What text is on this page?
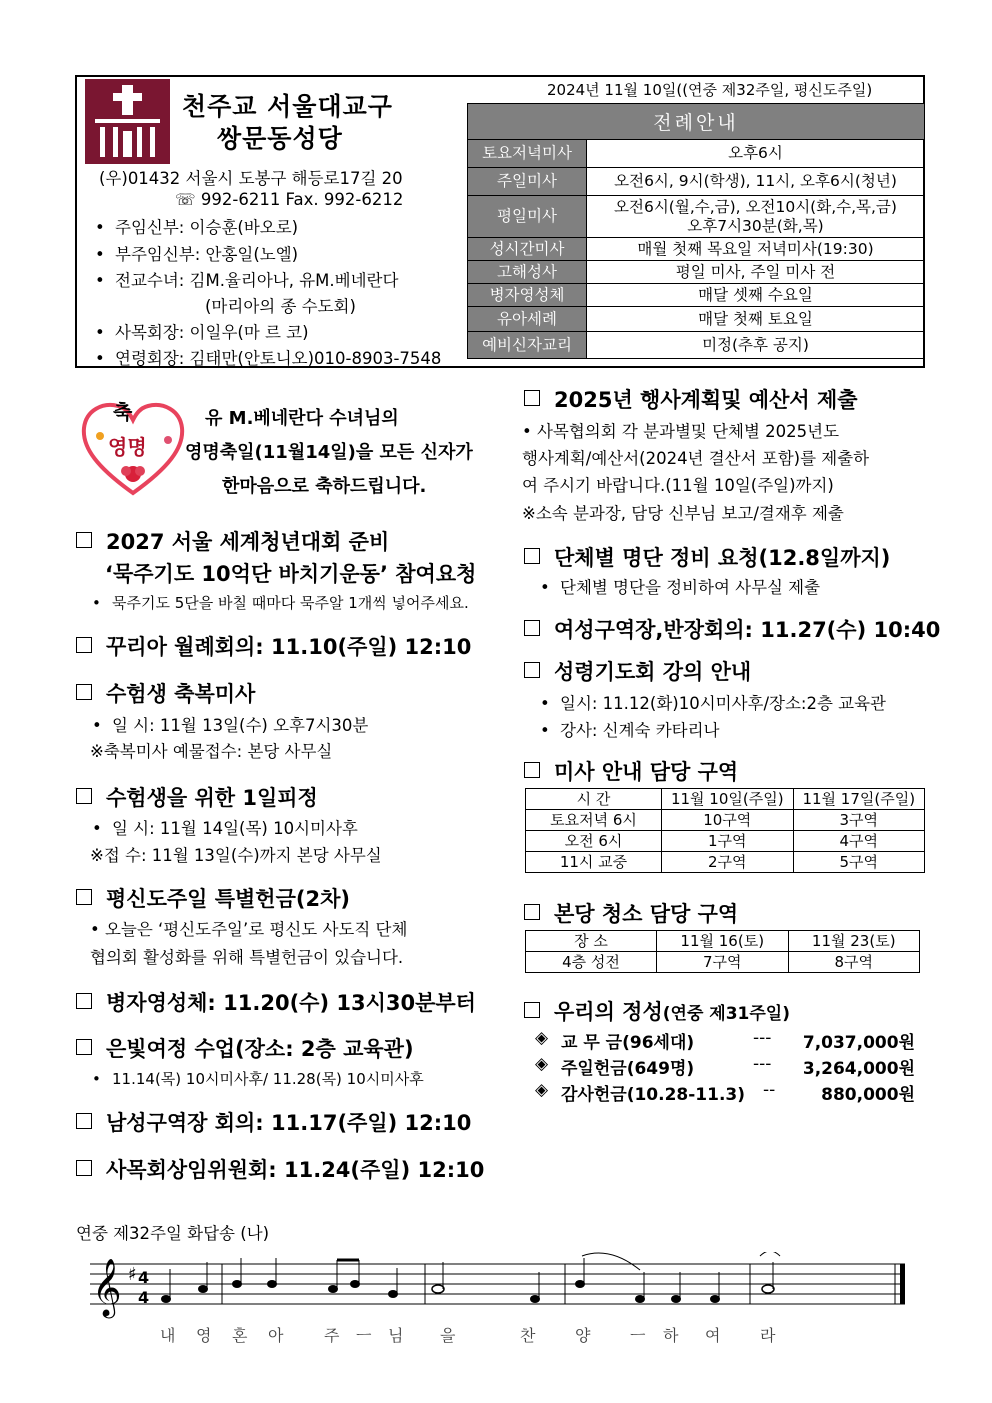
천주교 서울대교구
쌍문동성당
(우)01432 서울시 도봉구 해등로17길 20
☏ 992-6211 Fax. 992-6212
• 주임신부: 이승훈(바오로)
• 부주임신부: 안홍일(노엘)
• 전교수녀: 김M.율리아나, 유M.베네란다
(마리아의 종 수도회)
• 사목회장: 이일우(마 르 코)
• 연령회장: 김태만(안토니오)010-8903-7548
2024년 11월 10일((연중 제32주일, 평신도주일)
전례안내	
토요저녁미사	오후6시
주일미사	오전6시, 9시(학생), 11시, 오후6시(청년)
평일미사	오전6시(월,수,금), 오전10시(화,수,목,금)
오후7시30분(화,목)

성시간미사	매월 첫째 목요일 저녁미사(19:30)
고해성사	평일 미사, 주일 미사 전
병자영성체	매달 셋째 수요일
유아세례	매달 첫째 토요일
예비신자교리	미정(추후 공지)
축
영명
유 M.베네란다 수녀님의
영명축일(11월14일)을 모든 신자가
한마음으로 축하드립니다.
2027 서울 세계청년대회 준비
‘묵주기도 10억단 바치기운동’ 참여요청
• 묵주기도 5단을 바칠 때마다 묵주알 1개씩 넣어주세요.
꾸리아 월례회의: 11.10(주일) 12:10
수험생 축복미사
• 일 시: 11월 13일(수) 오후7시30분
※축복미사 예물접수: 본당 사무실
수험생을 위한 1일피정
• 일 시: 11월 14일(목) 10시미사후
※접 수: 11월 13일(수)까지 본당 사무실
평신도주일 특별헌금(2차)
• 오늘은 ‘평신도주일’로 평신도 사도직 단체
협의회 활성화를 위해 특별헌금이 있습니다.
병자영성체: 11.20(수) 13시30분부터
은빛여정 수업(장소: 2층 교육관)
• 11.14(목) 10시미사후/ 11.28(목) 10시미사후
남성구역장 회의: 11.17(주일) 12:10
사목회상임위원회: 11.24(주일) 12:10
2025년 행사계획및 예산서 제출
• 사목협의회 각 분과별및 단체별 2025년도
행사계획/예산서(2024년 결산서 포함)를 제출하
여 주시기 바랍니다.(11월 10일(주일)까지)
※소속 분과장, 담당 신부님 보고/결재후 제출
단체별 명단 정비 요청(12.8일까지)
• 단체별 명단을 정비하여 사무실 제출
여성구역장,반장회의: 11.27(수) 10:40
성령기도회 강의 안내
• 일시: 11.12(화)10시미사후/장소:2층 교육관
• 강사: 신계숙 카타리나
미사 안내 담당 구역
시 간	11월 10일(주일)	11월 17일(주일)
토요저녁 6시	10구역	3구역
오전 6시	1구역	4구역
11시 교중	2구역	5구역
본당 청소 담당 구역
장 소	11월 16(토)	11월 23(토)
4층 성전	7구역	8구역
우리의 정성(연중 제31주일)
◈ 교 무 금(96세대)	--- 7,037,000원
◈ 주일헌금(649명)	--- 3,264,000원
◈ 감사헌금(10.28-11.3) --	880,000원
연중 제32주일 화답송 (나)
𝄞 ♯ 4
4
내 영 혼 아	주 ㅡ 님 을	찬 양 ㅡ 하 여 라
